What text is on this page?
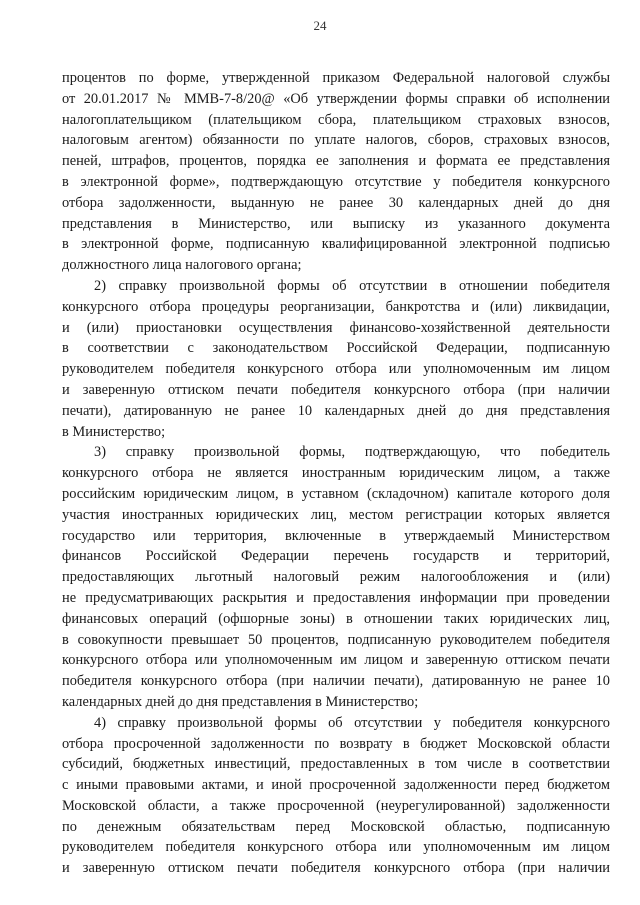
24
процентов по форме, утвержденной приказом Федеральной налоговой службы
от 20.01.2017 № ММВ-7-8/20@ «Об утверждении формы справки об исполнении
налогоплательщиком (плательщиком сбора, плательщиком страховых взносов,
налоговым агентом) обязанности по уплате налогов, сборов, страховых взносов,
пеней, штрафов, процентов, порядка ее заполнения и формата ее представления
в электронной форме», подтверждающую отсутствие у победителя конкурсного
отбора задолженности, выданную не ранее 30 календарных дней до дня
представления в Министерство, или выписку из указанного документа
в электронной форме, подписанную квалифицированной электронной подписью
должностного лица налогового органа;
2) справку произвольной формы об отсутствии в отношении победителя
конкурсного отбора процедуры реорганизации, банкротства и (или) ликвидации,
и (или) приостановки осуществления финансово-хозяйственной деятельности
в соответствии с законодательством Российской Федерации, подписанную
руководителем победителя конкурсного отбора или уполномоченным им лицом
и заверенную оттиском печати победителя конкурсного отбора (при наличии
печати), датированную не ранее 10 календарных дней до дня представления
в Министерство;
3) справку произвольной формы, подтверждающую, что победитель
конкурсного отбора не является иностранным юридическим лицом, а также
российским юридическим лицом, в уставном (складочном) капитале которого доля
участия иностранных юридических лиц, местом регистрации которых является
государство или территория, включенные в утверждаемый Министерством
финансов Российской Федерации перечень государств и территорий,
предоставляющих льготный налоговый режим налогообложения и (или)
не предусматривающих раскрытия и предоставления информации при проведении
финансовых операций (офшорные зоны) в отношении таких юридических лиц,
в совокупности превышает 50 процентов, подписанную руководителем победителя
конкурсного отбора или уполномоченным им лицом и заверенную оттиском печати
победителя конкурсного отбора (при наличии печати), датированную не ранее 10
календарных дней до дня представления в Министерство;
4) справку произвольной формы об отсутствии у победителя конкурсного
отбора просроченной задолженности по возврату в бюджет Московской области
субсидий, бюджетных инвестиций, предоставленных в том числе в соответствии
с иными правовыми актами, и иной просроченной задолженности перед бюджетом
Московской области, а также просроченной (неурегулированной) задолженности
по денежным обязательствам перед Московской областью, подписанную
руководителем победителя конкурсного отбора или уполномоченным им лицом
и заверенную оттиском печати победителя конкурсного отбора (при наличии
